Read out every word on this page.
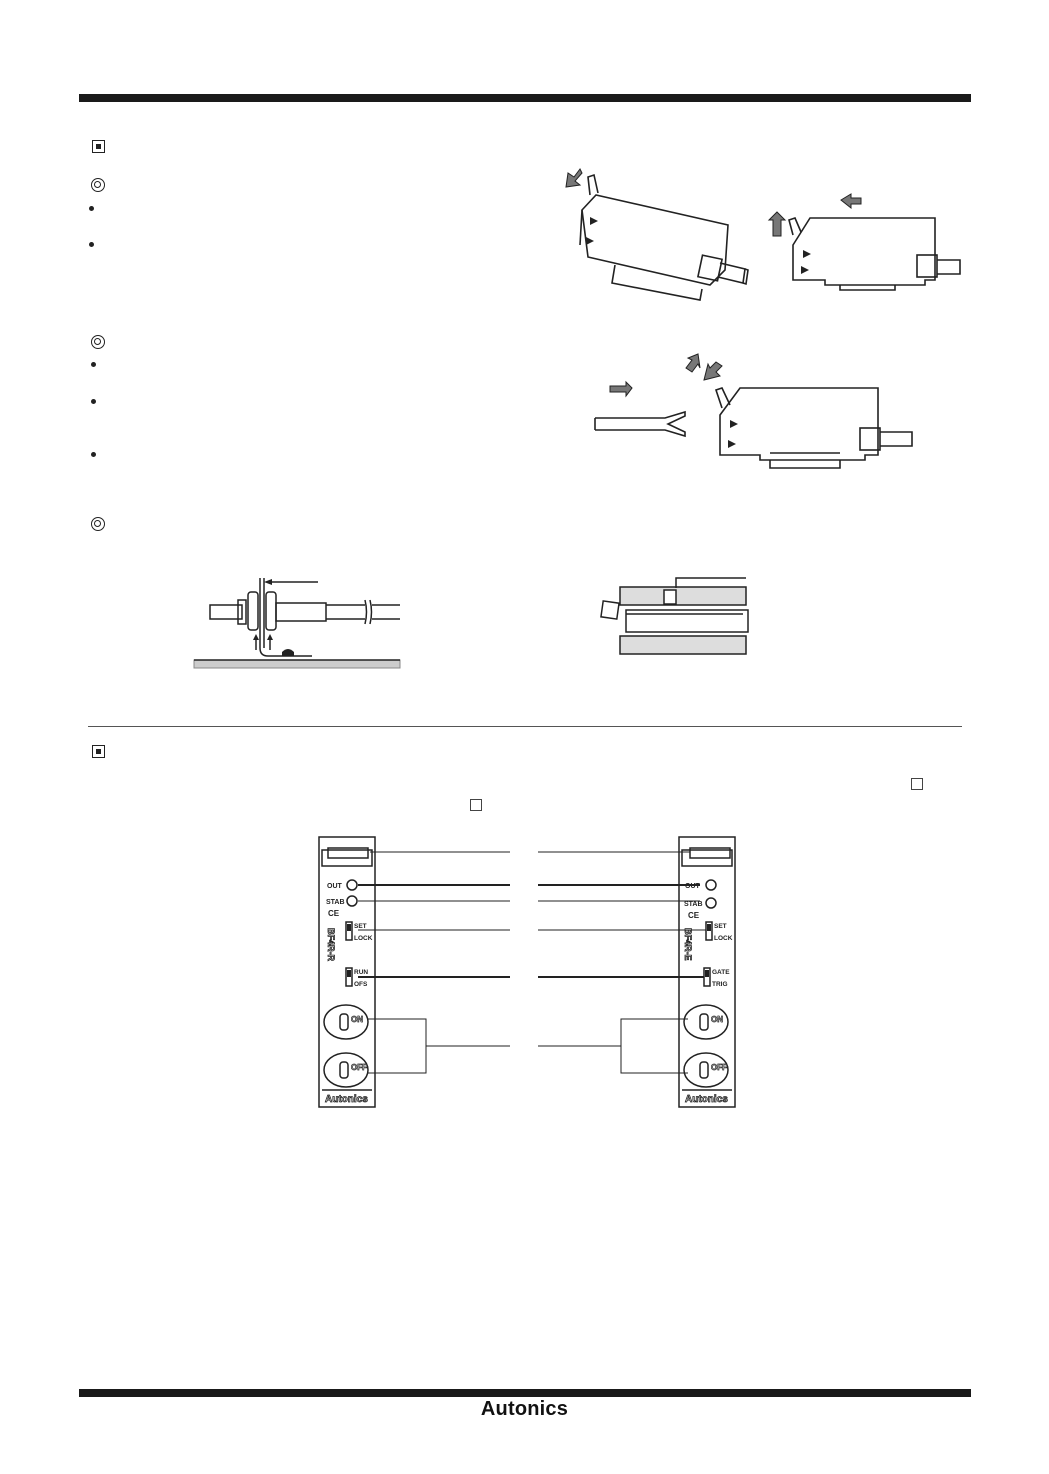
OUT
STAB
CE
SET
LOCK
RUN
OFS
BF4R-R
ON
OFF
Autonics
OUT
STAB
CE
SET
LOCK
GATE
TRIG
BF4R-E
ON
OFF
Autonics
Autonics
